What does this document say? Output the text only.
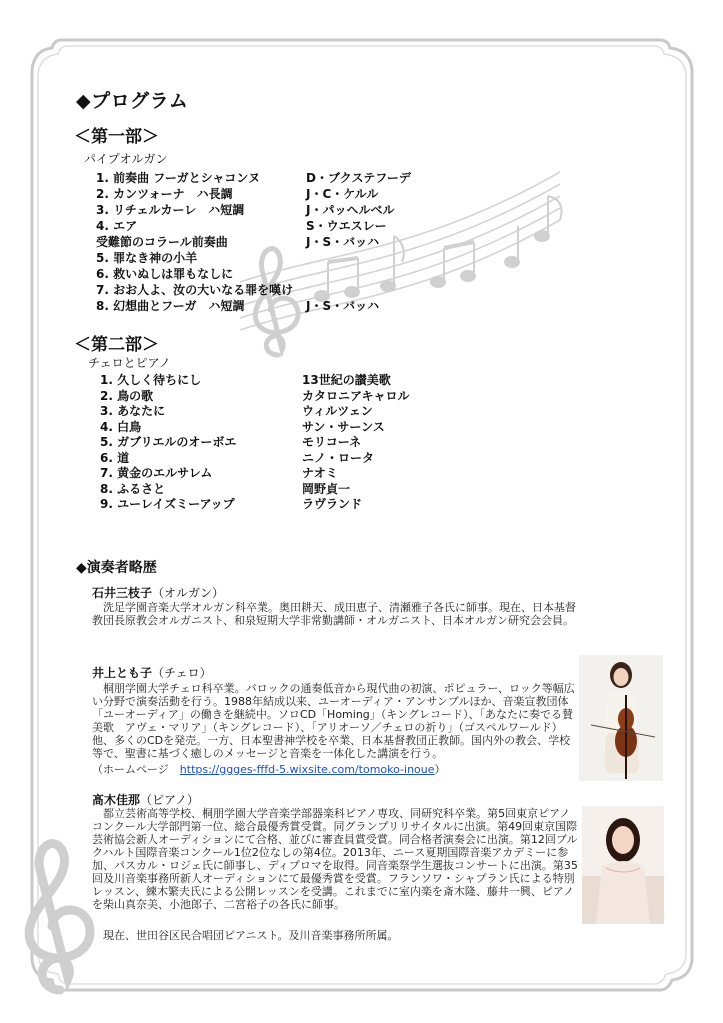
◆プログラム
＜第一部＞
パイプオルガン
1. 前奏曲 フーガとシャコンヌ	D・ブクステフーデ
2. カンツォーナ　ハ長調	J・C・ケルル
3. リチェルカーレ　ハ短調	J・パッヘルベル
4. エア	S・ウエスレー
受難節のコラール前奏曲	J・S・バッハ
5. 罪なき神の小羊
6. 救いぬしは罪もなしに
7. おお人よ、汝の大いなる罪を嘆け
8. 幻想曲とフーガ　ハ短調	J・S・バッハ
＜第二部＞
チェロとピアノ
1. 久しく待ちにし	13世紀の讃美歌
2. 鳥の歌	カタロニアキャロル
3. あなたに	ウィルツェン
4. 白鳥	サン・サーンス
5. ガブリエルのオーボエ	モリコーネ
6. 道	ニノ・ロータ
7. 黄金のエルサレム	ナオミ
8. ふるさと	岡野貞一
9. ユーレイズミーアップ	ラヴランド
◆演奏者略歴
石井三枝子（オルガン）

洗足学園音楽大学オルガン科卒業。奥田耕天、成田恵子、清瀬雅子各氏に師事。現在、日本基督教団長原教会オルガニスト、和泉短期大学非常勤講師・オルガニスト、日本オルガン研究会会員。

井上とも子（チェロ）

桐朋学園大学チェロ科卒業。バロックの通奏低音から現代曲の初演、ポピュラー、ロック等幅広い分野で演奏活動を行う。1988年結成以来、ユーオーディア・アンサンブルほか、音楽宣教団体「ユーオーディア」の働きを継続中。ソロCD「Homing」（キングレコード）、「あなたに奏でる賛美歌　アヴェ・マリア」（キングレコード）、「アリオーソ／チェロの祈り」（ゴスペルワールド）他、多くのCDを発売。一方、日本聖書神学校を卒業、日本基督教団正教師。国内外の教会、学校等で、聖書に基づく癒しのメッセージと音楽を一体化した講演を行う。

（ホームページ　https://ggges-fffd-5.wixsite.com/tomoko-inoue）
髙木佳那（ピアノ）

都立芸術高等学校、桐朋学園大学音楽学部器楽科ピアノ専攻、同研究科卒業。第5回東京ピアノコンクール大学部門第一位、総合最優秀賞受賞。同グランプリリサイタルに出演。第49回東京国際芸術協会新人オーディションにて合格、並びに審査員賞受賞。同合格者演奏会に出演。第12回ブルクハルト国際音楽コンクール1位2位なしの第4位。2013年、ニース夏期国際音楽アカデミーに参加、パスカル・ロジェ氏に師事し、ディプロマを取得。同音楽祭学生選抜コンサートに出演。第35回及川音楽事務所新人オーディションにて最優秀賞を受賞。フランソワ・シャプラン氏による特別レッスン、練木繁夫氏による公開レッスンを受講。これまでに室内楽を斎木隆、藤井一興、ピアノを柴山真奈美、小池郎子、二宮裕子の各氏に師事。

現在、世田谷区民合唱団ピアニスト。及川音楽事務所所属。
